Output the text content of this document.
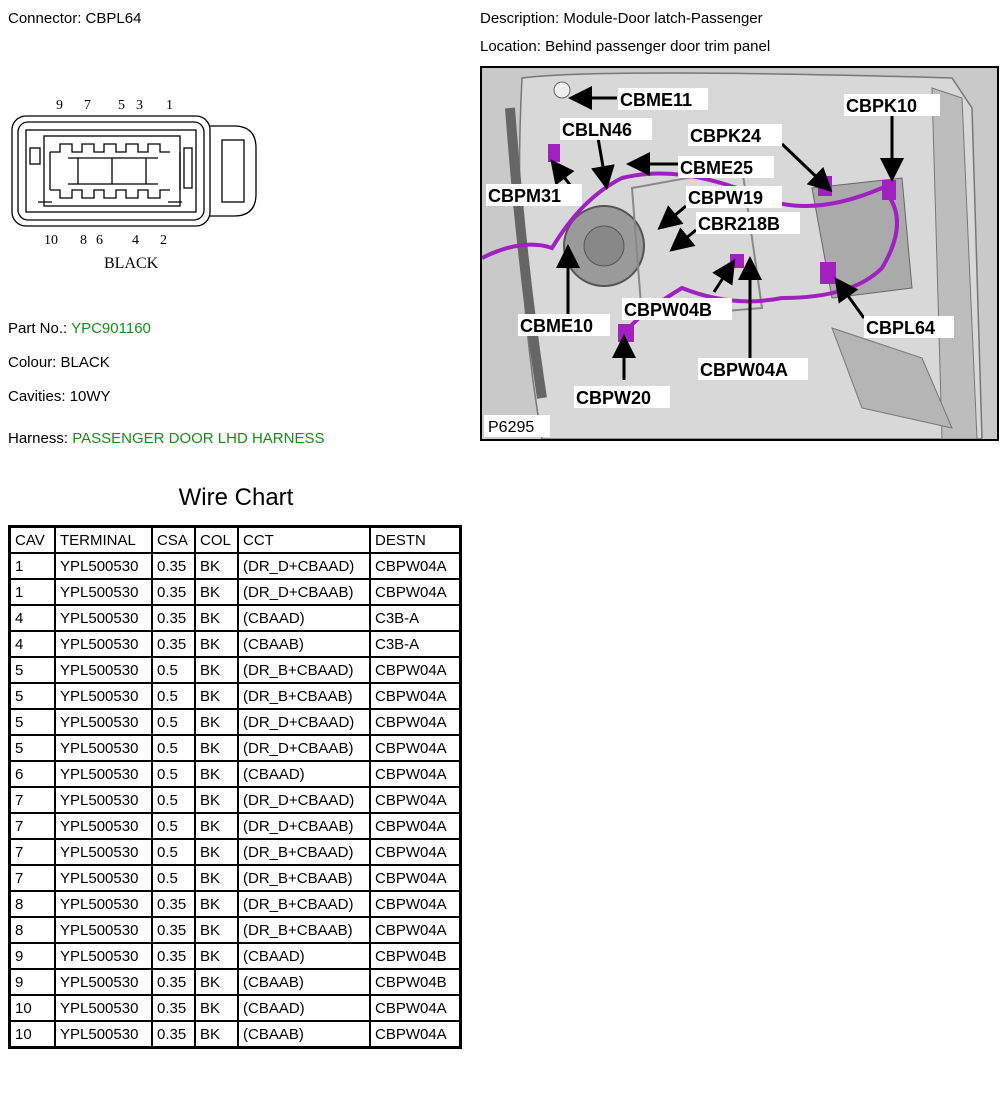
Connector: CBPL64	Description: Module-Door latch-Passenger
Location: Behind passenger door trim panel
9 7 5 3 1
10 8 6 4 2
BLACK
Part No.: YPC901160
Colour: BLACK
Cavities: 10WY
Harness: PASSENGER DOOR LHD HARNESS
CBME11	CBPK10
CBLN46	CBPK24
CBME25
CBPM31	CBPW19
CBR218B
CBPW04B
CBPL64
CBME10
CBPW04A
CBPW20
P6295
Wire Chart
CAV	TERMINAL	CSA	COL	CCT	DESTN
1	YPL500530	0.35	BK	(DR_D+CBAAD)	CBPW04A
1	YPL500530	0.35	BK	(DR_D+CBAAB)	CBPW04A
4	YPL500530	0.35	BK	(CBAAD)	C3B-A
4	YPL500530	0.35	BK	(CBAAB)	C3B-A
5	YPL500530	0.5	BK	(DR_B+CBAAD)	CBPW04A
5	YPL500530	0.5	BK	(DR_B+CBAAB)	CBPW04A
5	YPL500530	0.5	BK	(DR_D+CBAAD)	CBPW04A
5	YPL500530	0.5	BK	(DR_D+CBAAB)	CBPW04A
6	YPL500530	0.5	BK	(CBAAD)	CBPW04A
7	YPL500530	0.5	BK	(DR_D+CBAAD)	CBPW04A
7	YPL500530	0.5	BK	(DR_D+CBAAB)	CBPW04A
7	YPL500530	0.5	BK	(DR_B+CBAAD)	CBPW04A
7	YPL500530	0.5	BK	(DR_B+CBAAB)	CBPW04A
8	YPL500530	0.35	BK	(DR_B+CBAAD)	CBPW04A
8	YPL500530	0.35	BK	(DR_B+CBAAB)	CBPW04A
9	YPL500530	0.35	BK	(CBAAD)	CBPW04B
9	YPL500530	0.35	BK	(CBAAB)	CBPW04B
10	YPL500530	0.35	BK	(CBAAD)	CBPW04A
10	YPL500530	0.35	BK	(CBAAB)	CBPW04A
